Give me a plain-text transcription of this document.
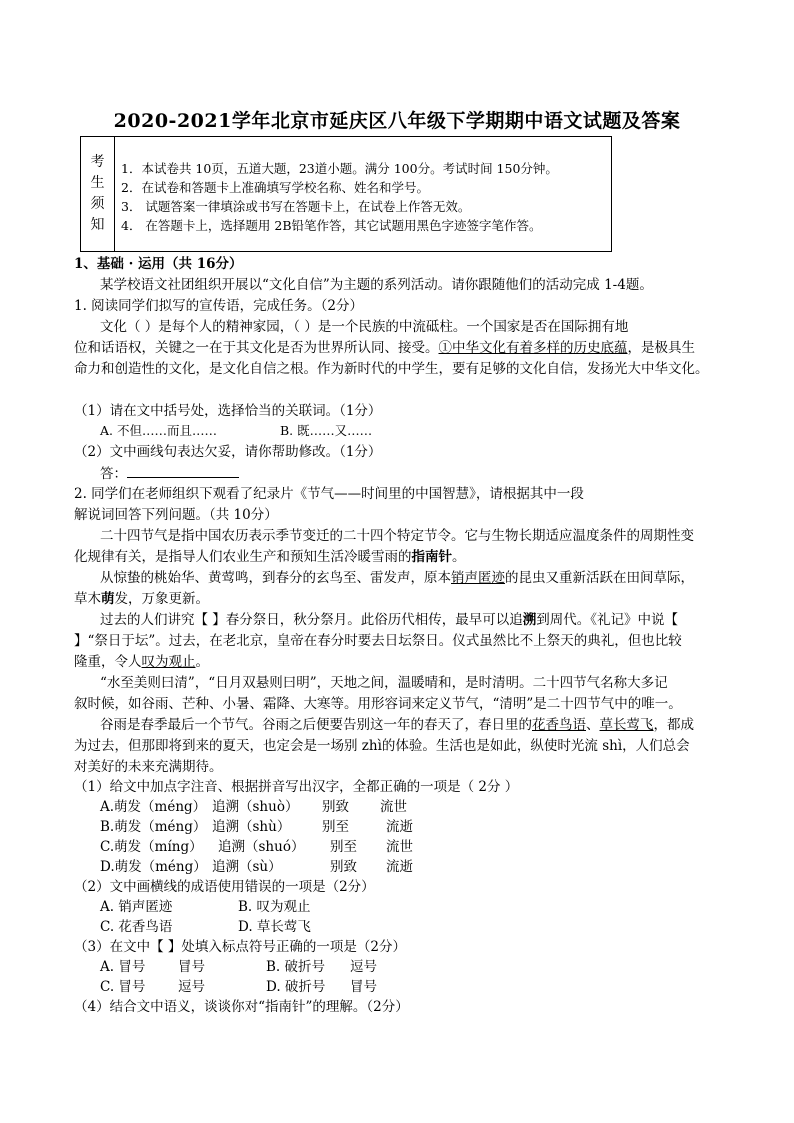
2020-2021学年北京市延庆区八年级下学期期中语文试题及答案
考
生
须
知
1．本试卷共 10页，五道大题，23道小题。满分 100分。考试时间 150分钟。
2．在试卷和答题卡上准确填写学校名称、姓名和学号。
3． 试题答案一律填涂或书写在答题卡上，在试卷上作答无效。
4． 在答题卡上，选择题用 2B铅笔作答，其它试题用黑色字迹签字笔作答。
1、基础 · 运用（共 16分）
某学校语文社团组织开展以“文化自信”为主题的系列活动。请你跟随他们的活动完成 1-4题。
1. 阅读同学们拟写的宣传语，完成任务。（2分）
文化（ ）是每个人的精神家园，（ ）是一个民族的中流砥柱。一个国家是否在国际拥有地
位和话语权，关键之一在于其文化是否为世界所认同、接受。①中华文化有着多样的历史底蕴，是极具生
命力和创造性的文化，是文化自信之根。作为新时代的中学生，要有足够的文化自信，发扬光大中华文化。
（1）请在文中括号处，选择恰当的关联词。（1分）
A. 不但……而且……	B. 既……又……
（2）文中画线句表达欠妥，请你帮助修改。（1分）
答：
2. 同学们在老师组织下观看了纪录片《节气——时间里的中国智慧》，请根据其中一段
解说词回答下列问题。（共 10分）
二十四节气是指中国农历表示季节变迁的二十四个特定节令。它与生物长期适应温度条件的周期性变
化规律有关，是指导人们农业生产和预知生活冷暖雪雨的指南针。
从惊蛰的桃始华、黄莺鸣，到春分的玄鸟至、雷发声，原本销声匿迹的昆虫又重新活跃在田间草际，
草木萌发，万象更新。
过去的人们讲究【 】春分祭日，秋分祭月。此俗历代相传，最早可以追溯到周代。《礼记》中说【
】“祭日于坛”。过去，在老北京，皇帝在春分时要去日坛祭日。仪式虽然比不上祭天的典礼，但也比较
隆重，令人叹为观止。
“水至美则曰清”，“日月双悬则曰明”，天地之间，温暖晴和，是时清明。二十四节气名称大多记
叙时候，如谷雨、芒种、小暑、霜降、大寒等。用形容词来定义节气，“清明”是二十四节气中的唯一。
谷雨是春季最后一个节气。谷雨之后便要告别这一年的春天了，春日里的花香鸟语、草长莺飞，都成
为过去，但那即将到来的夏天，也定会是一场别 zhì的体验。生活也是如此，纵使时光流 shì，人们总会
对美好的未来充满期待。
（1）给文中加点字注音、根据拼音写出汉字，全都正确的一项是（ 2分 ）
A.萌发（méng） 追溯（shuò） 别致 流世
B.萌发（méng） 追溯（shù） 别至	流逝
C.萌发（míng） 追溯（shuó） 别至 流世
D.萌发（méng） 追溯（sù）	别致 流逝
（2）文中画横线的成语使用错误的一项是（2分）
A. 销声匿迹	B. 叹为观止
C. 花香鸟语	D. 草长莺飞
（3）在文中【 】处填入标点符号正确的一项是（2分）
A. 冒号 冒号	B. 破折号 逗号
C. 冒号 逗号	D. 破折号 冒号
（4）结合文中语义，谈谈你对“指南针”的理解。（2分）
